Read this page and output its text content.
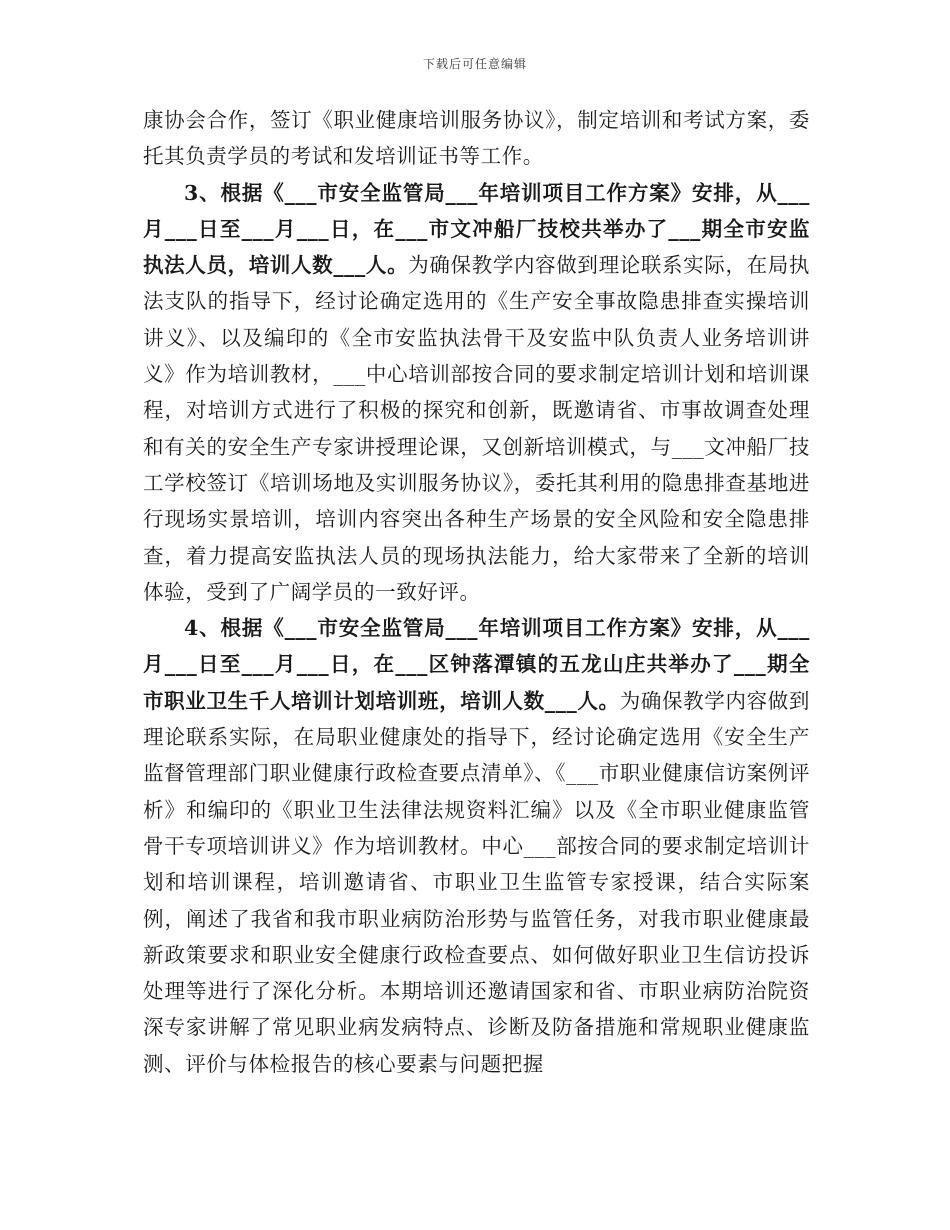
下载后可任意编辑

康协会合作，签订《职业健康培训服务协议》，制定培训和考试方案，委托其负责学员的考试和发培训证书等工作。

3、根据《___市安全监管局___年培训项目工作方案》安排，从___月___日至___月___日，在___市文冲船厂技校共举办了___期全市安监执法人员，培训人数___人。为确保教学内容做到理论联系实际，在局执法支队的指导下，经讨论确定选用的《生产安全事故隐患排查实操培训讲义》、以及编印的《全市安监执法骨干及安监中队负责人业务培训讲义》作为培训教材，___中心培训部按合同的要求制定培训计划和培训课程，对培训方式进行了积极的探究和创新，既邀请省、市事故调查处理和有关的安全生产专家讲授理论课，又创新培训模式，与___文冲船厂技工学校签订《培训场地及实训服务协议》，委托其利用的隐患排查基地进行现场实景培训，培训内容突出各种生产场景的安全风险和安全隐患排查，着力提高安监执法人员的现场执法能力，给大家带来了全新的培训体验，受到了广阔学员的一致好评。

4、根据《___市安全监管局___年培训项目工作方案》安排，从___月___日至___月___日，在___区钟落潭镇的五龙山庄共举办了___期全市职业卫生千人培训计划培训班，培训人数___人。为确保教学内容做到理论联系实际，在局职业健康处的指导下，经讨论确定选用《安全生产监督管理部门职业健康行政检查要点清单》、《___市职业健康信访案例评析》和编印的《职业卫生法律法规资料汇编》以及《全市职业健康监管骨干专项培训讲义》作为培训教材。中心___部按合同的要求制定培训计划和培训课程，培训邀请省、市职业卫生监管专家授课，结合实际案例，阐述了我省和我市职业病防治形势与监管任务，对我市职业健康最新政策要求和职业安全健康行政检查要点、如何做好职业卫生信访投诉处理等进行了深化分析。本期培训还邀请国家和省、市职业病防治院资深专家讲解了常见职业病发病特点、诊断及防备措施和常规职业健康监测、评价与体检报告的核心要素与问题把握
